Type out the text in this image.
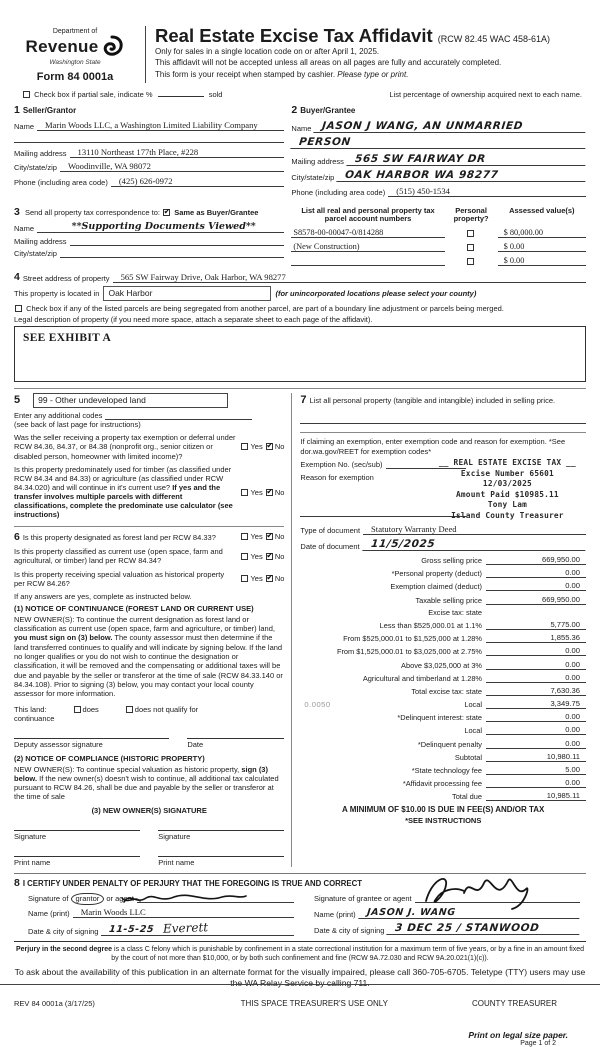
Department of
Revenue
Washington State
Form 84 0001a
Real Estate Excise Tax Affidavit (RCW 82.45 WAC 458-61A)
Only for sales in a single location code on or after April 1, 2025.
This affidavit will not be accepted unless all areas on all pages are fully and accurately completed.
This form is your receipt when stamped by cashier. Please type or print.
Check box if partial sale, indicate %	sold	List percentage of ownership acquired next to each name.
1 Seller/Grantor
Name	Marin Woods LLC, a Washington Limited Liability Company
Mailing address	13110 Northeast 177th Place, #228
City/state/zip	Woodinville, WA 98072
Phone (including area code)	(425) 626-0972
2 Buyer/Grantee
Name JASON J WANG, AN UNMARRIED
PERSON
Mailing address 565 SW FAIRWAY DR
City/state/zip OAK HARBOR WA 98277
Phone (including area code)	(515) 450-1534
3 Send all property tax correspondence to: ✔ Same as Buyer/Grantee
Name	**Supporting Documents Viewed**
Mailing address
City/state/zip
List all real and personal property tax parcel account numbers
Personal property?
Assessed value(s)
S8578-00-00047-0/814288	$ 80,000.00
(New Construction)	$ 0.00
$ 0.00
4 Street address of property	565 SW Fairway Drive, Oak Harbor, WA 98277
This property is located in	Oak Harbor	(for unincorporated locations please select your county)
Check box if any of the listed parcels are being segregated from another parcel, are part of a boundary line adjustment or parcels being merged.
Legal description of property (if you need more space, attach a separate sheet to each page of the affidavit).
SEE EXHIBIT A
5	99 - Other undeveloped land
Enter any additional codes
(see back of last page for instructions)
Was the seller receiving a property tax exemption or deferral under RCW 84.36, 84.37, or 84.38 (nonprofit org., senior citizen or disabled person, homeowner with limited income)?
Yes ✔ No
Is this property predominately used for timber (as classified under RCW 84.34 and 84.33) or agriculture (as classified under RCW 84.34.020) and will continue in it's current use? If yes and the transfer involves multiple parcels with different classifications, complete the predominate use calculator (see instructions)
Yes ✔ No
6 Is this property designated as forest land per RCW 84.33?	Yes ✔ No
Is this property classified as current use (open space, farm and agricultural, or timber) land per RCW 84.34?
Yes ✔ No
Is this property receiving special valuation as historical property per RCW 84.26?
Yes ✔ No
If any answers are yes, complete as instructed below.
(1) NOTICE OF CONTINUANCE (FOREST LAND OR CURRENT USE)
NEW OWNER(S): To continue the current designation as forest land or classification as current use (open space, farm and agriculture, or timber) land, you must sign on (3) below. The county assessor must then determine if the land transferred continues to qualify and will indicate by signing below. If the land no longer qualifies or you do not wish to continue the designation or classification, it will be removed and the compensating or additional taxes will be due and payable by the seller or transferor at the time of sale (RCW 84.33.140 or 84.34.108). Prior to signing (3) below, you may contact your local county assessor for more information.
This land:	does	does not qualify for
continuance
Deputy assessor signature	Date
(2) NOTICE OF COMPLIANCE (HISTORIC PROPERTY)
NEW OWNER(S): To continue special valuation as historic property, sign (3) below. If the new owner(s) doesn't wish to continue, all additional tax calculated pursuant to RCW 84.26, shall be due and payable by the seller or transferor at the time of sale
(3) NEW OWNER(S) SIGNATURE
Signature	Signature
Print name	Print name
7 List all personal property (tangible and intangible) included in selling price.
If claiming an exemption, enter exemption code and reason for exemption. *See dor.wa.gov/REET for exemption codes*
Exemption No. (sec/sub)
Reason for exemption
__ REAL ESTATE EXCISE TAX __
Excise Number 65601
12/03/2025
Amount Paid $10985.11
Tony Lam
Island County Treasurer
Type of document	Statutory Warranty Deed
Date of document 11/5/2025
Gross selling price	669,950.00
*Personal property (deduct)	0.00
Exemption claimed (deduct)	0.00
Taxable selling price	669,950.00
Excise tax: state
Less than $525,000.01 at 1.1%	5,775.00
From $525,000.01 to $1,525,000 at 1.28%	1,855.36
From $1,525,000.01 to $3,025,000 at 2.75%	0.00
Above $3,025,000 at 3%	0.00
Agricultural and timberland at 1.28%	0.00
Total excise tax: state	7,630.36
0.0050	Local	3,349.75
*Delinquent interest: state	0.00
Local	0.00
*Delinquent penalty	0.00
Subtotal	10,980.11
*State technology fee	5.00
*Affidavit processing fee	0.00
Total due	10,985.11
A MINIMUM OF $10.00 IS DUE IN FEE(S) AND/OR TAX
*SEE INSTRUCTIONS
8 I CERTIFY UNDER PENALTY OF PERJURY THAT THE FOREGOING IS TRUE AND CORRECT
Signature of grantor or agent
Name (print)	Marin Woods LLC
Date & city of signing	11-5-25 Everett
Signature of grantee or agent
Name (print)	JASON J. WANG
Date & city of signing 3 DEC 25 / STANWOOD
Perjury in the second degree is a class C felony which is punishable by confinement in a state correctional institution for a maximum term of five years, or by a fine in an amount fixed by the court of not more than $10,000, or by both such confinement and fine (RCW 9A.72.030 and RCW 9A.20.021(1)(c)).
To ask about the availability of this publication in an alternate format for the visually impaired, please call 360-705-6705. Teletype (TTY) users may use the WA Relay Service by calling 711.
REV 84 0001a (3/17/25)	THIS SPACE TREASURER'S USE ONLY	COUNTY TREASURER
Print on legal size paper.
Page 1 of 2
